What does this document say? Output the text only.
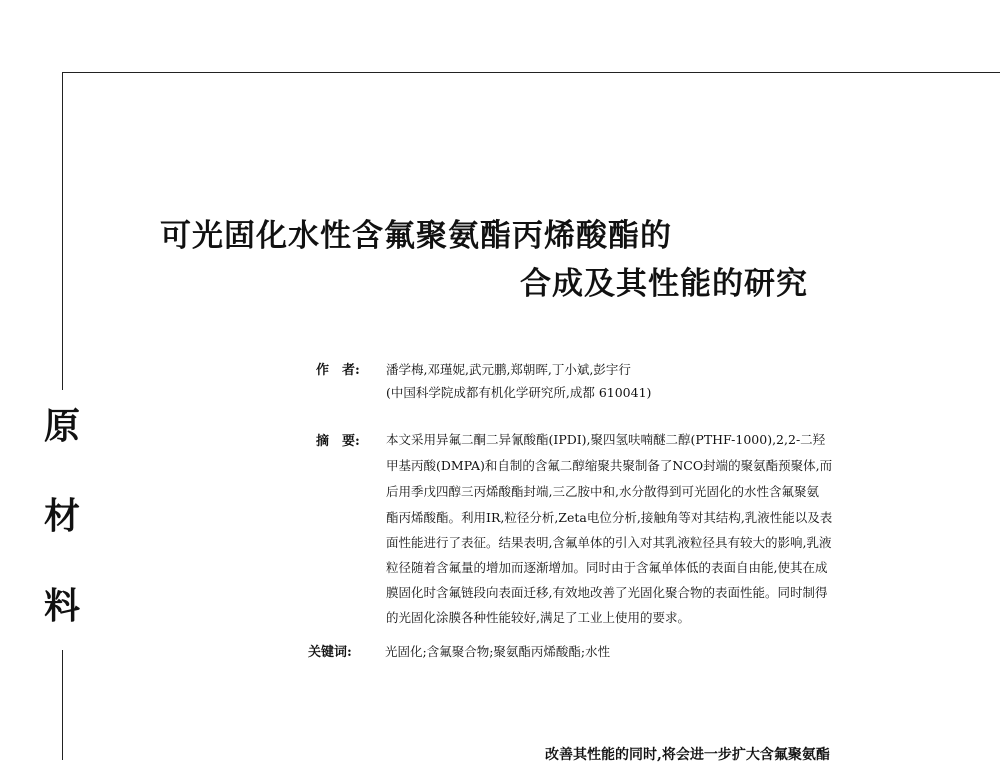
原
材
料
可光固化水性含氟聚氨酯丙烯酸酯的
合成及其性能的研究
作　者: 潘学梅,邓瑾妮,武元鹏,郑朝晖,丁小斌,彭宇行
(中国科学院成都有机化学研究所,成都 610041)
摘　要: 本文采用异氟二酮二异氰酸酯(IPDI),聚四氢呋喃醚二醇(PTHF-1000),2,2-二羟
甲基丙酸(DMPA)和自制的含氟二醇缩聚共聚制备了NCO封端的聚氨酯预聚体,而
后用季戊四醇三丙烯酸酯封端,三乙胺中和,水分散得到可光固化的水性含氟聚氨
酯丙烯酸酯。利用IR,粒径分析,Zeta电位分析,接触角等对其结构,乳液性能以及表
面性能进行了表征。结果表明,含氟单体的引入对其乳液粒径具有较大的影响,乳液
粒径随着含氟量的增加而逐渐增加。同时由于含氟单体低的表面自由能,使其在成
膜固化时含氟链段向表面迁移,有效地改善了光固化聚合物的表面性能。同时制得
的光固化涂膜各种性能较好,满足了工业上使用的要求。
关键词:	光固化;含氟聚合物;聚氨酯丙烯酸酯;水性
改善其性能的同时,将会进一步扩大含氟聚氨酯
